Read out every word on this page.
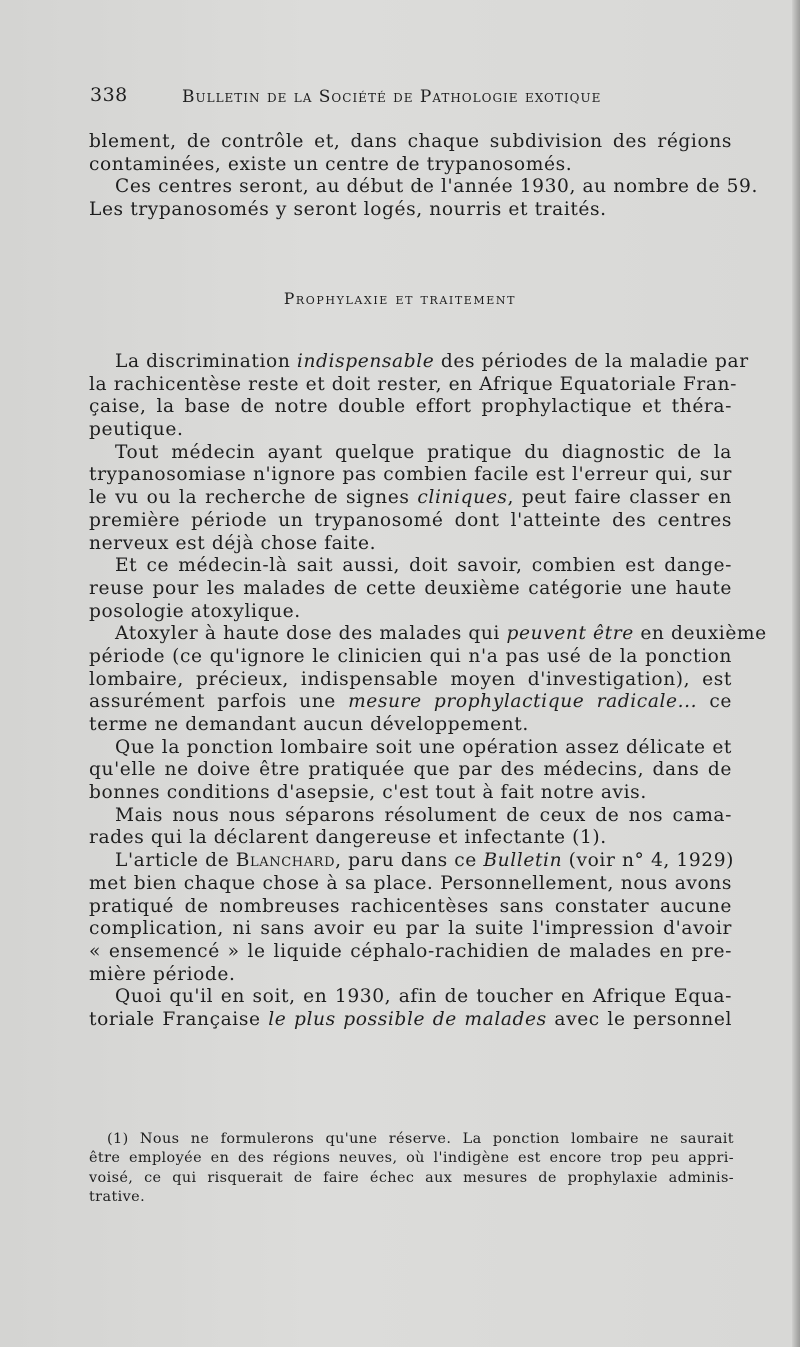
338	Bulletin de la Société de Pathologie exotique
blement, de contrôle et, dans chaque subdivision des régions
contaminées, existe un centre de trypanosomés.
Ces centres seront, au début de l'année 1930, au nombre de 59.
Les trypanosomés y seront logés, nourris et traités.
Prophylaxie et traitement
La discrimination indispensable des périodes de la maladie par
la rachicentèse reste et doit rester, en Afrique Equatoriale Fran-
çaise, la base de notre double effort prophylactique et théra-
peutique.
Tout médecin ayant quelque pratique du diagnostic de la
trypanosomiase n'ignore pas combien facile est l'erreur qui, sur
le vu ou la recherche de signes cliniques, peut faire classer en
première période un trypanosomé dont l'atteinte des centres
nerveux est déjà chose faite.
Et ce médecin-là sait aussi, doit savoir, combien est dange-
reuse pour les malades de cette deuxième catégorie une haute
posologie atoxylique.
Atoxyler à haute dose des malades qui peuvent être en deuxième
période (ce qu'ignore le clinicien qui n'a pas usé de la ponction
lombaire, précieux, indispensable moyen d'investigation), est
assurément parfois une mesure prophylactique radicale... ce
terme ne demandant aucun développement.
Que la ponction lombaire soit une opération assez délicate et
qu'elle ne doive être pratiquée que par des médecins, dans de
bonnes conditions d'asepsie, c'est tout à fait notre avis.
Mais nous nous séparons résolument de ceux de nos cama-
rades qui la déclarent dangereuse et infectante (1).
L'article de Blanchard, paru dans ce Bulletin (voir n° 4, 1929)
met bien chaque chose à sa place. Personnellement, nous avons
pratiqué de nombreuses rachicentèses sans constater aucune
complication, ni sans avoir eu par la suite l'impression d'avoir
« ensemencé » le liquide céphalo-rachidien de malades en pre-
mière période.
Quoi qu'il en soit, en 1930, afin de toucher en Afrique Equa-
toriale Française le plus possible de malades avec le personnel
(1) Nous ne formulerons qu'une réserve. La ponction lombaire ne saurait
être employée en des régions neuves, où l'indigène est encore trop peu appri-
voisé, ce qui risquerait de faire échec aux mesures de prophylaxie adminis-
trative.
